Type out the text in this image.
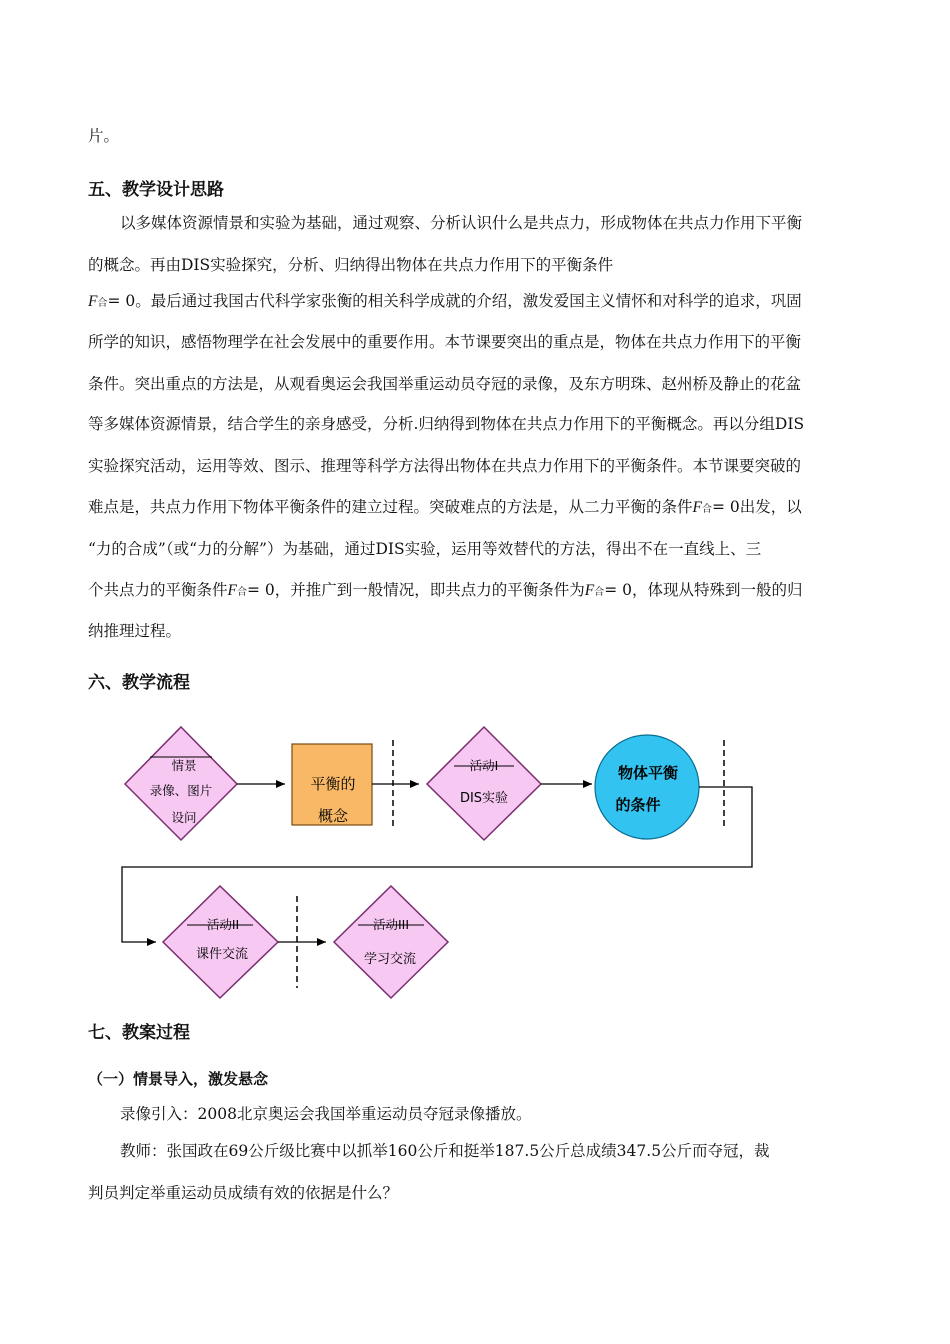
片。
五、教学设计思路
以多媒体资源情景和实验为基础，通过观察、分析认识什么是共点力，形成物体在共点力作用下平衡
的概念。再由DIS实验探究，分析、归纳得出物体在共点力作用下的平衡条件
F合= 0。最后通过我国古代科学家张衡的相关科学成就的介绍，激发爱国主义情怀和对科学的追求，巩固
所学的知识，感悟物理学在社会发展中的重要作用。本节课要突出的重点是，物体在共点力作用下的平衡
条件。突出重点的方法是，从观看奥运会我国举重运动员夺冠的录像，及东方明珠、赵州桥及静止的花盆
等多媒体资源情景，结合学生的亲身感受，分析.归纳得到物体在共点力作用下的平衡概念。再以分组DIS
实验探究活动，运用等效、图示、推理等科学方法得出物体在共点力作用下的平衡条件。本节课要突破的
难点是，共点力作用下物体平衡条件的建立过程。突破难点的方法是，从二力平衡的条件F合= 0出发，以
“力的合成”（或“力的分解”）为基础，通过DIS实验，运用等效替代的方法，得出不在一直线上、三
个共点力的平衡条件F合= 0，并推广到一般情况，即共点力的平衡条件为F合= 0，体现从特殊到一般的归
纳推理过程。
六、教学流程
情景
录像、图片
设问
平衡的
概念
活动I
DIS实验
物体平衡
的条件
活动II
课件交流
活动III
学习交流
七、教案过程
（一）情景导入，激发悬念
录像引入：2008北京奥运会我国举重运动员夺冠录像播放。
教师：张国政在69公斤级比赛中以抓举160公斤和挺举187.5公斤总成绩347.5公斤而夺冠，裁
判员判定举重运动员成绩有效的依据是什么？
